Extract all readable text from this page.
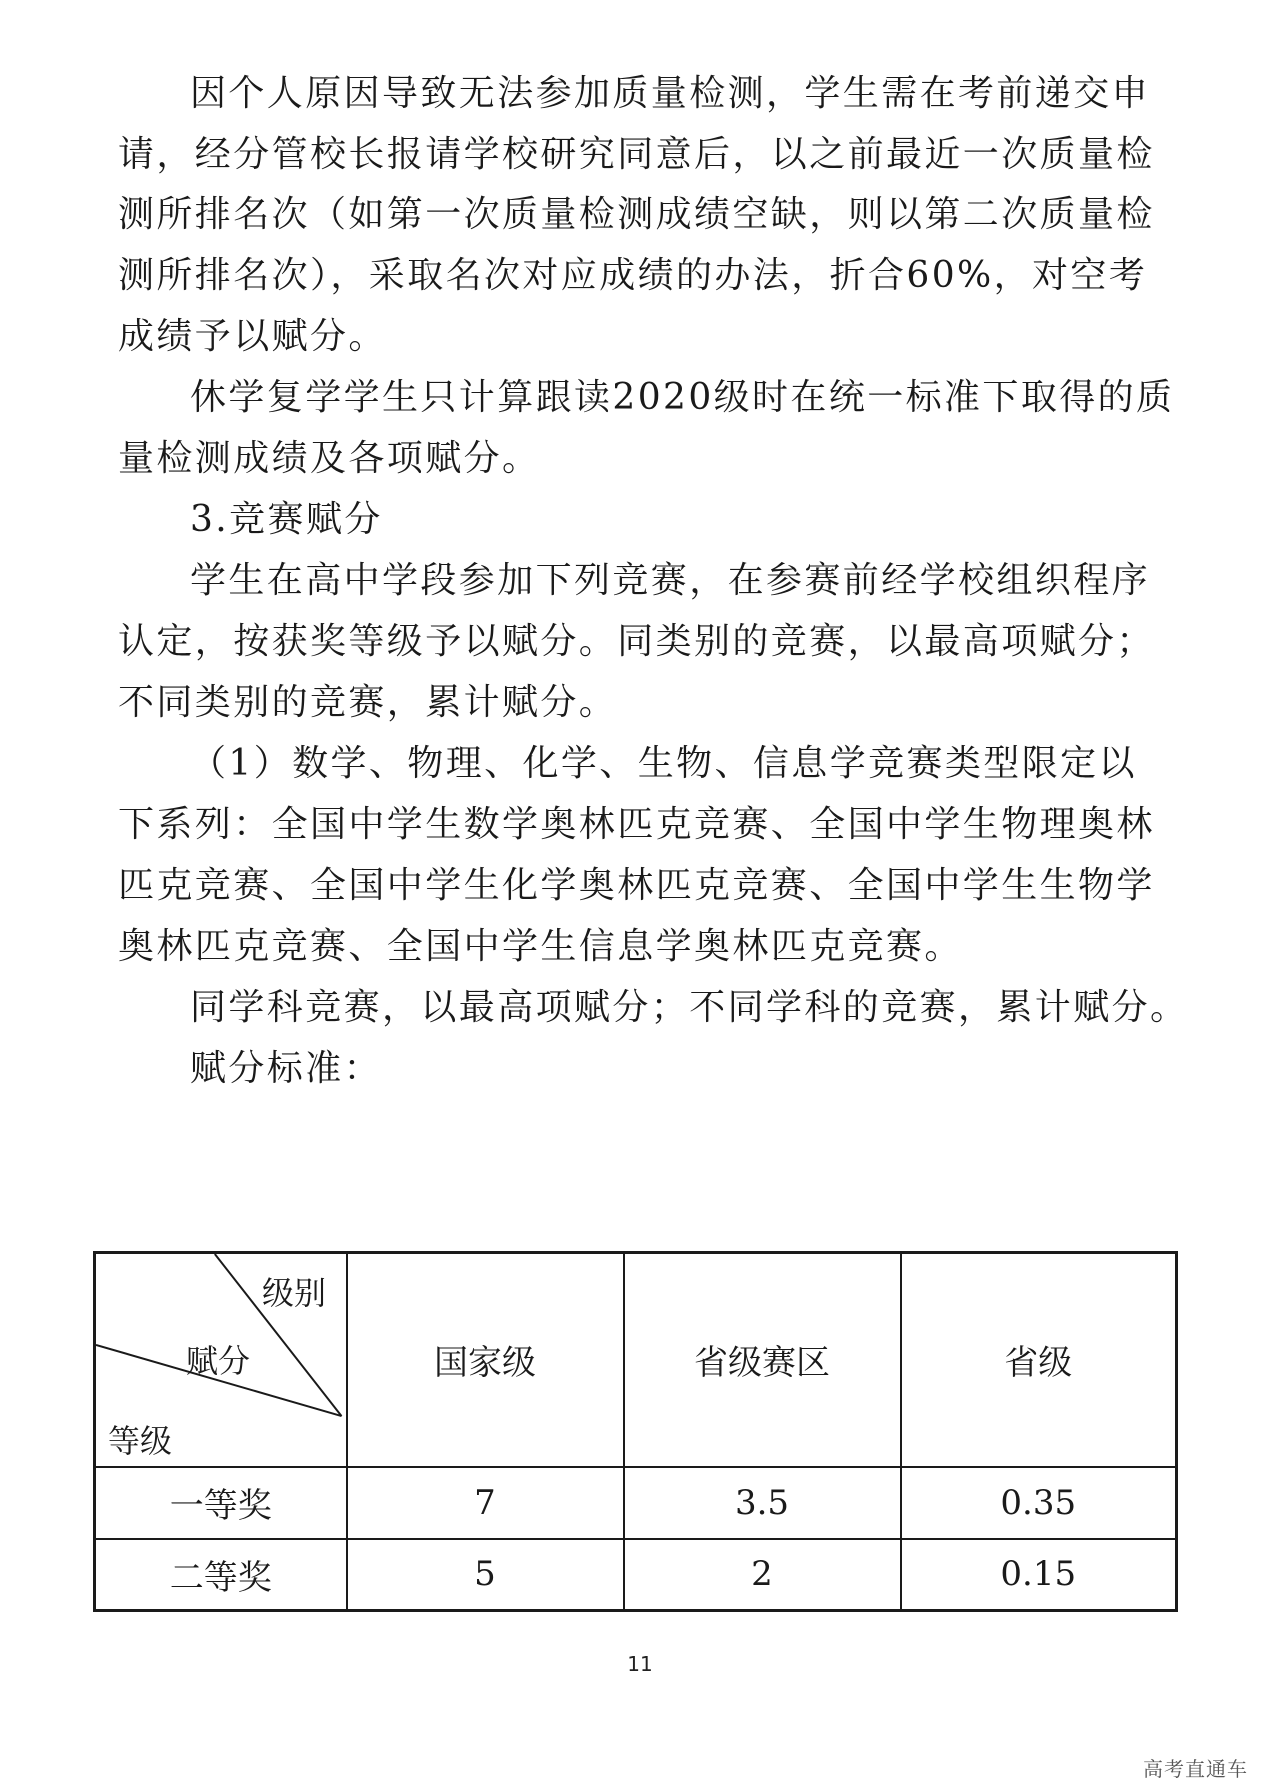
因个人原因导致无法参加质量检测，学生需在考前递交申
请，经分管校长报请学校研究同意后，以之前最近一次质量检
测所排名次（如第一次质量检测成绩空缺，则以第二次质量检
测所排名次），采取名次对应成绩的办法，折合60%，对空考
成绩予以赋分。
休学复学学生只计算跟读2020级时在统一标准下取得的质
量检测成绩及各项赋分。
3.竞赛赋分
学生在高中学段参加下列竞赛，在参赛前经学校组织程序
认定，按获奖等级予以赋分。同类别的竞赛，以最高项赋分；
不同类别的竞赛，累计赋分。
（1）数学、物理、化学、生物、信息学竞赛类型限定以
下系列：全国中学生数学奥林匹克竞赛、全国中学生物理奥林
匹克竞赛、全国中学生化学奥林匹克竞赛、全国中学生生物学
奥林匹克竞赛、全国中学生信息学奥林匹克竞赛。
同学科竞赛，以最高项赋分；不同学科的竞赛，累计赋分。
赋分标准：
级别
赋分
等级	国家级	省级赛区	省级
一等奖	7	3.5	0.35
二等奖	5	2	0.15
11
高考直通车
